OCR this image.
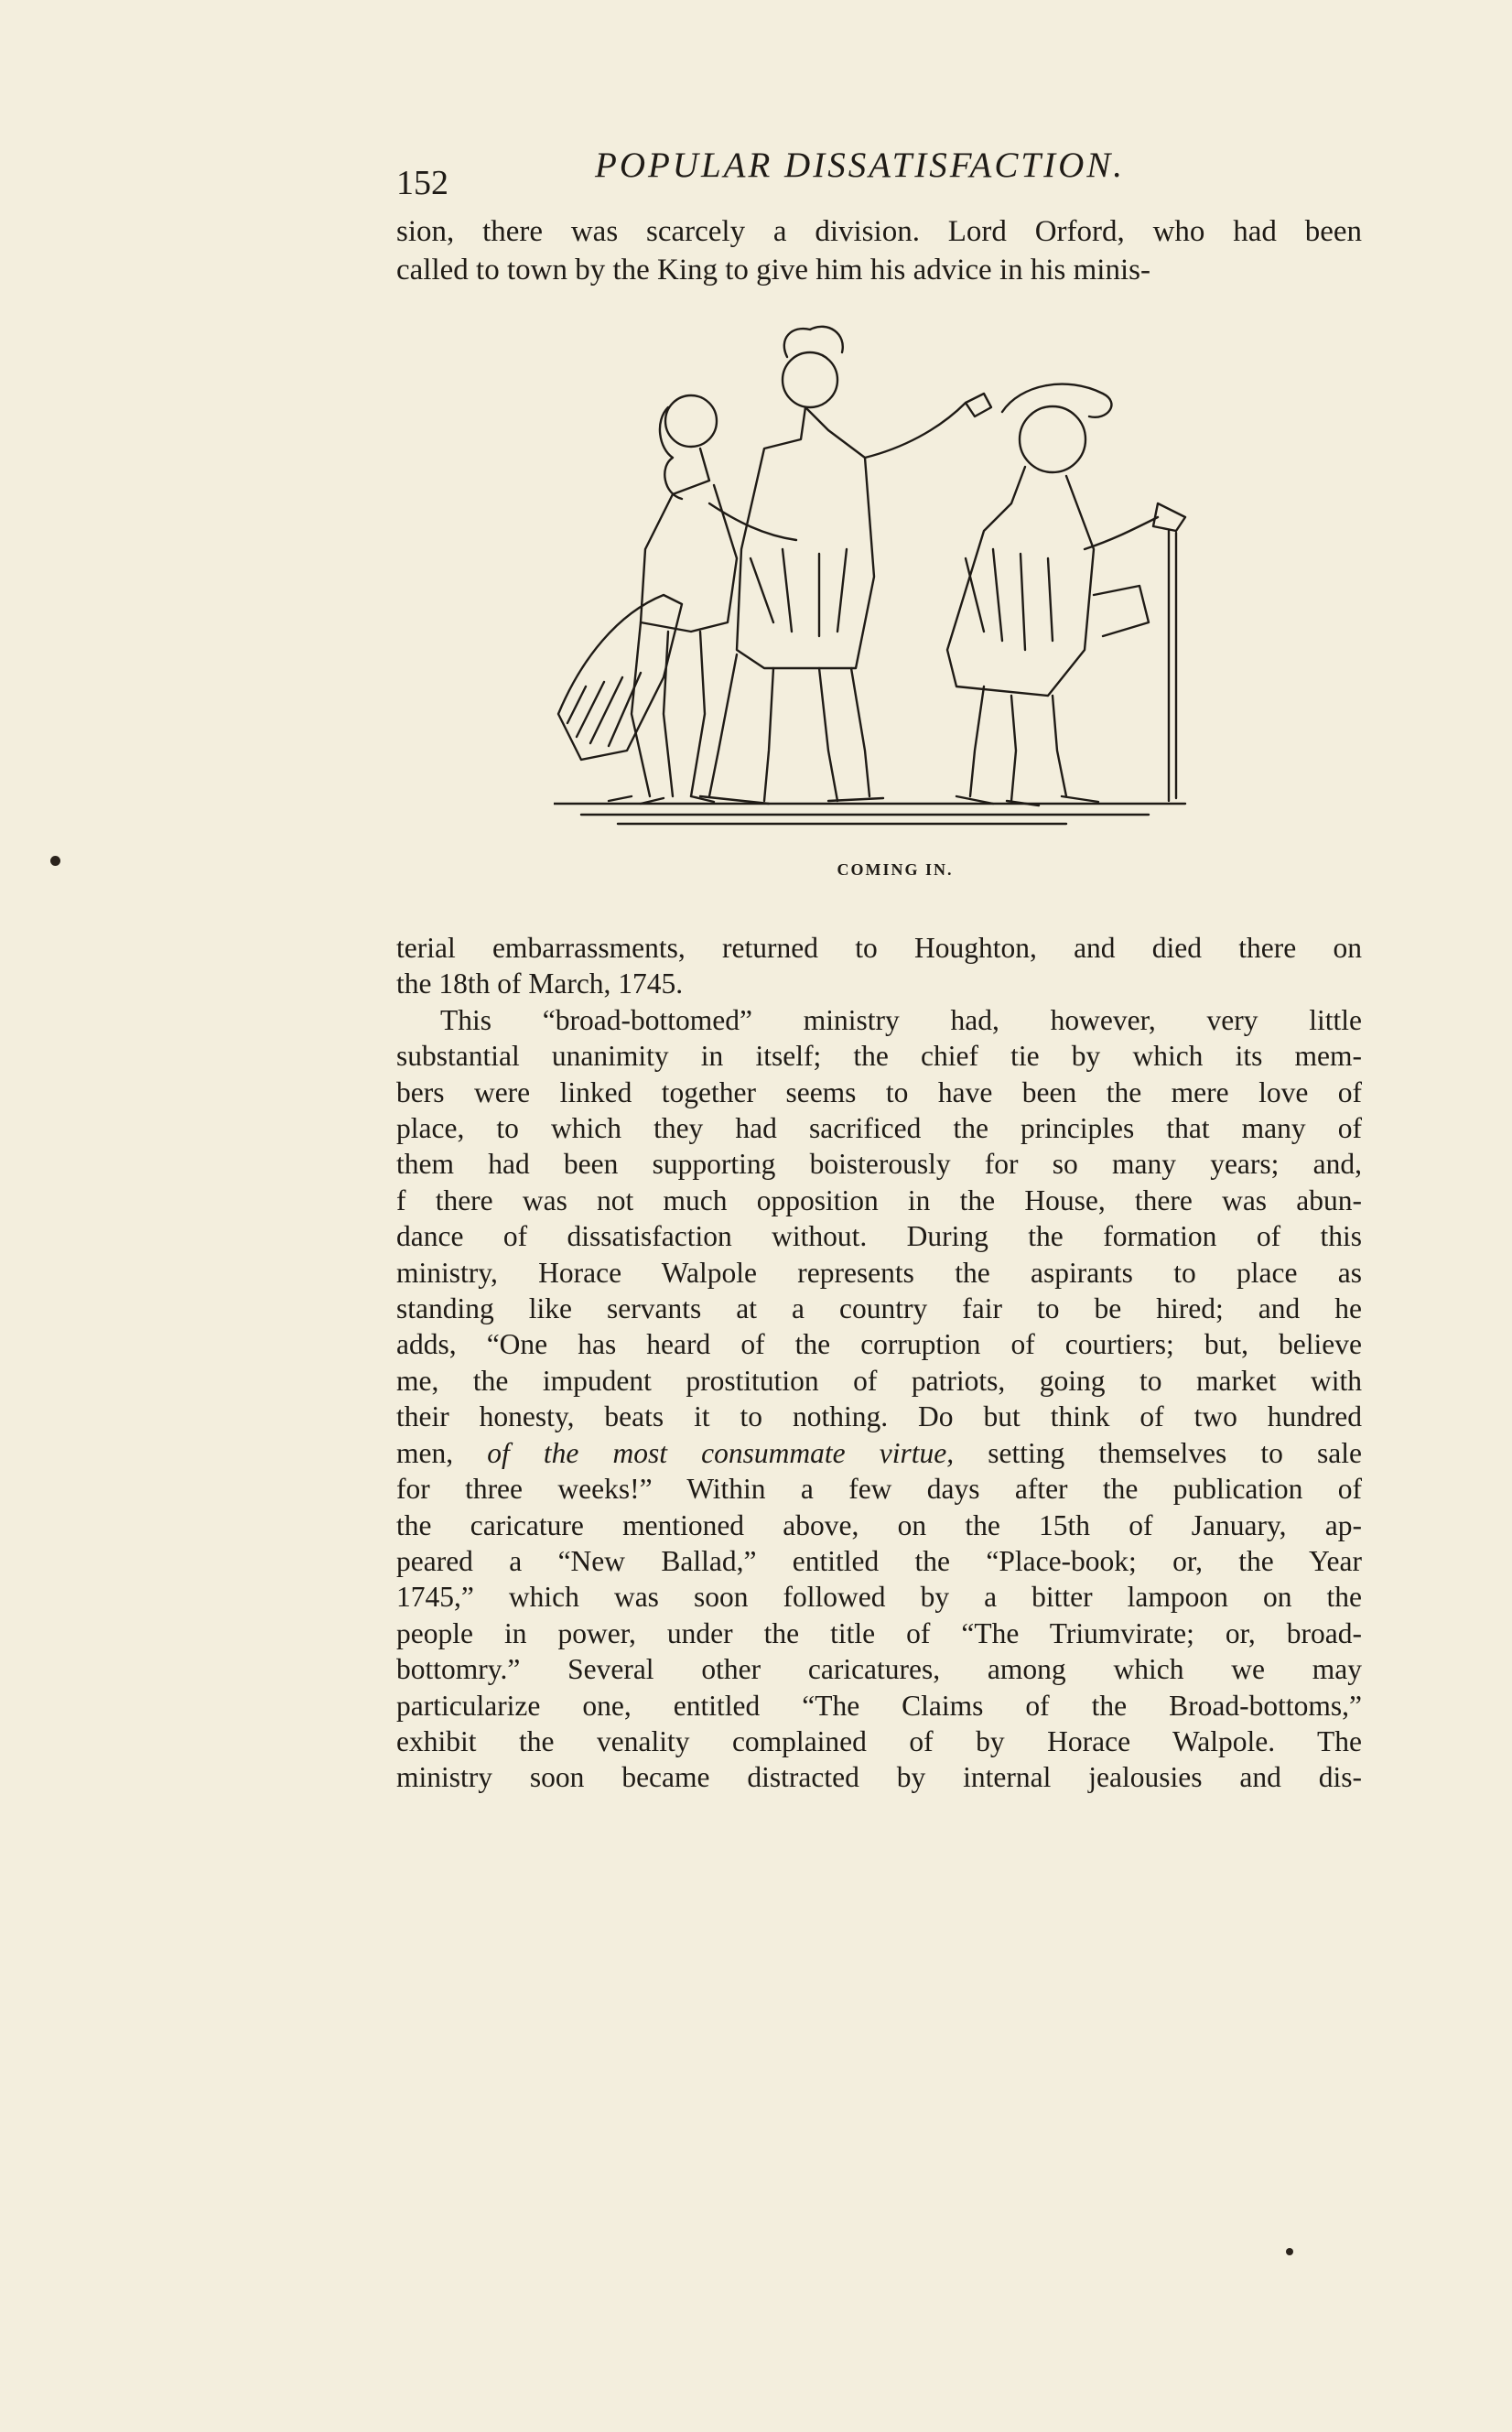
152	POPULAR DISSATISFACTION.

sion, there was scarcely a division. Lord Orford, who had been

called to town by the King to give him his advice in his minis-

COMING IN.

terial embarrassments, returned to Houghton, and died there on

the 18th of March, 1745.

This “broad-bottomed” ministry had, however, very little

substantial unanimity in itself; the chief tie by which its mem-

bers were linked together seems to have been the mere love of

place, to which they had sacrificed the principles that many of

them had been supporting boisterously for so many years; and,

f there was not much opposition in the House, there was abun-

dance of dissatisfaction without. During the formation of this

ministry, Horace Walpole represents the aspirants to place as

standing like servants at a country fair to be hired; and he

adds, “One has heard of the corruption of courtiers; but, believe

me, the impudent prostitution of patriots, going to market with

their honesty, beats it to nothing. Do but think of two hundred

men, of the most consummate virtue, setting themselves to sale

for three weeks!” Within a few days after the publication of

the caricature mentioned above, on the 15th of January, ap-

peared a “New Ballad,” entitled the “Place-book; or, the Year

1745,” which was soon followed by a bitter lampoon on the

people in power, under the title of “The Triumvirate; or, broad-

bottomry.” Several other caricatures, among which we may

particularize one, entitled “The Claims of the Broad-bottoms,”

exhibit the venality complained of by Horace Walpole. The

ministry soon became distracted by internal jealousies and dis-
